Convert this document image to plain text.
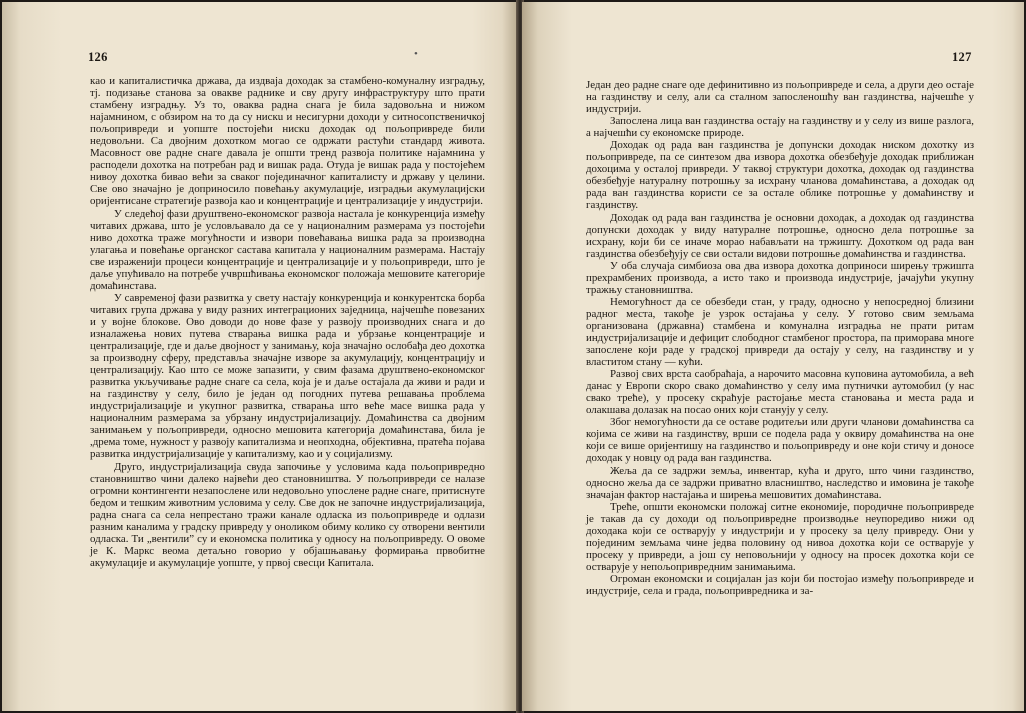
126	•

кao и капиталистичка држава, да издваја доходак за стамбено-комунaлну изградњу, тј. подизање станова за овакве раднике и сву другу инфраструктуру што прати стамбену изградњу. Уз то, оваква радна снага је била задовољна и нижом најамнином, с обзиром на то да су нискu и несигурни доходи у ситносопственичкој пољопривреди и уопште постојећи нискu доходак од пољопривреде били недовољни. Са двојним дохотком могао се одржати растући стандард живота. Масовност ове радне снаге давала je општи тренд развоја политике најамнина у расподели дохотка на потребан рад и вишак рада. Отуда је вишак рада у постојећем нивоу дохотка бивао већи за сваког појединачног капиталисту и државу у целини. Све ово значајно је доприносило повећању акумулације, изградњи акумулацијски оријентисане стратегије развоја као и концентрације и централизације у индустрији.

У следећој фази друштвено-економског развоја настала је конкуренција између читавих држава, што је условљавало да се у националним размерама уз постојећи ниво дохотка траже могућности и извори повећавања вишка рада за производна улагања и повећање органског састава капитала у националним размерама. Настају све израженији процеси концентрације и централизације и у пољопривреди, што је даље упућивало на потребе учвршћивања економског положаја мешовите категорије домаћинстава.

У савременој фази развитка у свету настају конкуренција и конкурентска борба читавих група држава у виду разних интеграционих заједница, најчешће повезаних и у војне блокове. Ово доводи до нове фазе у развоју производних снага и до изналажења нових путева стварања вишка рада и убрзање концентрације и централизације, где и даље двојност у занимању, која значајно ослобађа део дохотка за производну сферу, представља значајне изворе за акумулацију, концентрацију и централизацију. Као што се може запазити, у свим фазама друштвено-економског развитка укључивање радне снаге са села, која је и даље остајала да живи и ради и на газдинству у селу, било је један од погодних путева решавања проблема индустријализације и укупног развитка, стварања што веће масе вишка рада у националним размерама за убрзану индустријализацију. Домаћинства са двојним занимањем у пољопривреди, односно мешовита категорија домаћинстава, била је ,дрема томе, нужност у развоју капитализма и неопходна, објективна, пратећа појава развитка индустријализације у капитализму, као и у социјализму.

Друго, индустријализација свуда започиње у условима када пољопривредно становништво чини далеко највећи део становништва. У пољопривреди се налазе огромни контингенти незапослене или недовољно упослене радне снаге, притиснуте бедом и тешким животним условима у селу. Све док не започне индустријализација, радна снага са села непрестано тражи канале одласка из пољопривреде и одлази разним каналима у градску привреду у оноликом обиму колико су отворени вентили одласка. Ти „вентили” су и економска политика у односу на пољопривреду. О овоме је К. Маркс веома детаљно говорио у објашњавању формирања првобитне акумулације и акумулације уопште, у првој свесци Капитала.

127

Један део радне снаге оде дефинитивно из пољопривреде и села, а други део остаје на газдинству и селу, али са сталном запосленошћу ван газдинства, најчешће у индустрији.

Запослена лица ван газдинства остају на газдинству и у селу из више разлога, а најчешћи су економске природе.

Доходак од рада ван газдинства је допунски доходак ниском дохотку из пољопривреде, па се синтезом два извора дохотка обезбеђује доходак приближан дохоцима у осталој привреди. У таквој структури дохотка, доходак од газдинства обезбеђује натуралну потрошњу за исхрану чланова домаћинстава, а доходак од рада ван газдинства користи се за остале облике потрошње у домаћинству и газдинству.

Доходак од рада ван газдинства је основни доходак, а доходак од газдинства допунски доходак у виду натуралне потрошње, односно дела потрошње за исхрану, који би се иначе морао набављати на тржишту. Дохотком од рада ван газдинства обезбеђују се сви остали видови потрошње домаћинства и газдинства.

У оба случаја симбиоза ова два извора дохотка доприноси ширењу тржишта прехрамбених производа, а исто тако и производа индустрије, јачајући укупну тражњу становништва.

Немогућност да се обезбеди стан, у граду, односно у непосредној близини радног места, такође је узрок остајања у селу. У готово свим земљама организована (државна) стамбена и комунална изградња не прати ритам индустријализације и дефицит слободног стамбеног простора, па приморава многе запослене који раде у градској привреди да остају у селу, на газдинству и у властитом стану — кући.

Развој свих врста саобраћаја, а нарочито масовна куповина аутомобила, а већ данас у Европи скоро свако домаћинство у селу има путнички аутомобил (у нас свако треће), у просеку скраћује растојање места становања и места рада и олакшава долазак на посао оних који станују у селу.

Због немогућности да се оставе родитељи или други чланови домаћинства са којима се живи на газдинству, врши се подела рада у оквиру домаћинства на оне који се више оријентишу на газдинство и пољопривреду и оне који стичу и доносе доходак у новцу од рада ван газдинства.

Жеља да се задржи земља, инвентар, кућа и друго, што чини газдинство, односно жеља да се задржи приватно власништво, наследство и имовина је такође значајан фактор настајања и ширења мешовитих домаћинстава.

Треће, општи економски положај ситне економије, породичне пољопривреде је такав да су доходи од пољопривредне производње неупоредиво нижи од доходака који се остварују у индустрији и у просеку за целу привреду. Они у појединим земљама чине једва половину од нивоа дохотка који се остварује у просеку у привреди, а још су неповољнији у односу на просек дохотка који се остварује у непољопривредним занимањима.

Огроман економски и социјалан јаз који би постојао између пољопривреде и индустрије, села и града, пољопривредника и за-
